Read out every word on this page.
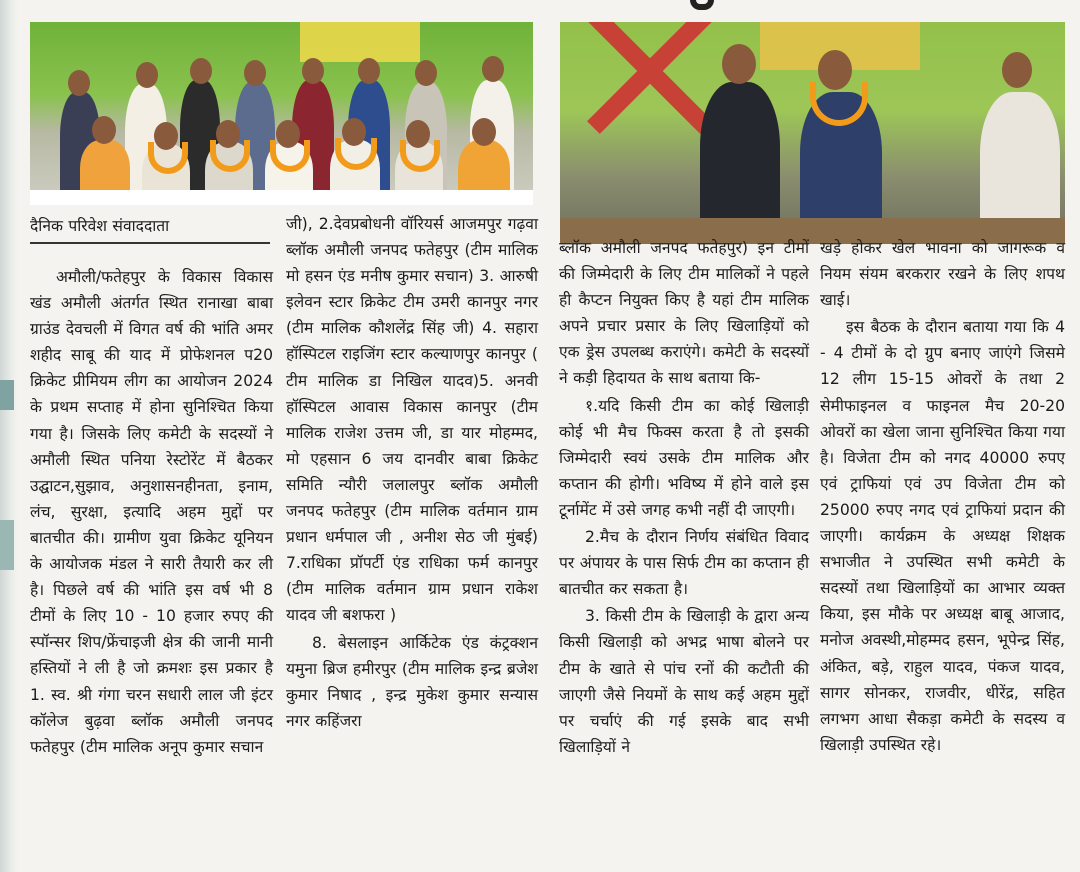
दैनिक परिवेश संवाददाता

अमौली/फतेहपुर के विकास विकास खंड अमौली अंतर्गत स्थित रानाखा बाबा ग्राउंड देवचली में विगत वर्ष की भांति अमर शहीद साबू की याद में प्रोफेशनल प20 क्रिकेट प्रीमियम लीग का आयोजन 2024 के प्रथम सप्ताह में होना सुनिश्चित किया गया है। जिसके लिए कमेटी के सदस्यों ने अमौली स्थित पनिया रेस्टोरेंट में बैठकर उद्घाटन,सुझाव, अनुशासनहीनता, इनाम, लंच, सुरक्षा, इत्यादि अहम मुद्दों पर बातचीत की। ग्रामीण युवा क्रिकेट यूनियन के आयोजक मंडल ने सारी तैयारी कर ली है। पिछले वर्ष की भांति इस वर्ष भी 8 टीमों के लिए 10 - 10 हजार रुपए की स्पॉन्सर शिप/फ्रेंचाइजी क्षेत्र की जानी मानी हस्तियों ने ली है जो क्रमशः इस प्रकार है 1. स्व. श्री गंगा चरन सधारी लाल जी इंटर कॉलेज बुढ़वा ब्लॉक अमौली जनपद फतेहपुर (टीम मालिक अनूप कुमार सचान

जी), 2.देवप्रबोधनी वॉरियर्स आजमपुर गढ़वा ब्लॉक अमौली जनपद फतेहपुर (टीम मालिक मो हसन एंड मनीष कुमार सचान) 3. आरुषी इलेवन स्टार क्रिकेट टीम उमरी कानपुर नगर (टीम मालिक कौशलेंद्र सिंह जी) 4. सहारा हॉस्पिटल राइजिंग स्टार कल्याणपुर कानपुर ( टीम मालिक डा निखिल यादव)5. अनवी हॉस्पिटल आवास विकास कानपुर (टीम मालिक राजेश उत्तम जी, डा यार मोहम्मद, मो एहसान 6 जय दानवीर बाबा क्रिकेट समिति न्यौरी जलालपुर ब्लॉक अमौली जनपद फतेहपुर (टीम मालिक वर्तमान ग्राम प्रधान धर्मपाल जी , अनीश सेठ जी मुंबई) 7.राधिका प्रॉपर्टी एंड राधिका फर्म कानपुर (टीम मालिक वर्तमान ग्राम प्रधान राकेश यादव जी बशफरा )

8. बेसलाइन आर्किटेक एंड कंट्रक्शन यमुना ब्रिज हमीरपुर (टीम मालिक इन्द्र ब्रजेश कुमार निषाद , इन्द्र मुकेश कुमार सन्यास नगर कहिंजरा

ब्लॉक अमौली जनपद फतेहपुर) इन टीमों की जिम्मेदारी के लिए टीम मालिकों ने पहले ही कैप्टन नियुक्त किए है यहां टीम मालिक अपने प्रचार प्रसार के लिए खिलाड़ियों को एक ड्रेस उपलब्ध कराएंगे। कमेटी के सदस्यों ने कड़ी हिदायत के साथ बताया कि-

१.यदि किसी टीम का कोई खिलाड़ी कोई भी मैच फिक्स करता है तो इसकी जिम्मेदारी स्वयं उसके टीम मालिक और कप्तान की होगी। भविष्य में होने वाले इस टूर्नामेंट में उसे जगह कभी नहीं दी जाएगी।

2.मैच के दौरान निर्णय संबंधित विवाद पर अंपायर के पास सिर्फ टीम का कप्तान ही बातचीत कर सकता है।

3. किसी टीम के खिलाड़ी के द्वारा अन्य किसी खिलाड़ी को अभद्र भाषा बोलने पर टीम के खाते से पांच रनों की कटौती की जाएगी जैसे नियमों के साथ कई अहम मुद्दों पर चर्चाएं की गई इसके बाद सभी खिलाड़ियों ने

खड़े होकर खेल भावना को जागरूक व नियम संयम बरकरार रखने के लिए शपथ खाई।

इस बैठक के दौरान बताया गया कि 4 - 4 टीमों के दो ग्रुप बनाए जाएंगे जिसमे 12 लीग 15-15 ओवरों के तथा 2 सेमीफाइनल व फाइनल मैच 20-20 ओवरों का खेला जाना सुनिश्चित किया गया है। विजेता टीम को नगद 40000 रुपए एवं ट्राफियां एवं उप विजेता टीम को 25000 रुपए नगद एवं ट्राफियां प्रदान की जाएगी। कार्यक्रम के अध्यक्ष शिक्षक सभाजीत ने उपस्थित सभी कमेटी के सदस्यों तथा खिलाड़ियों का आभार व्यक्त किया, इस मौके पर अध्यक्ष बाबू आजाद, मनोज अवस्थी,मोहम्मद हसन, भूपेन्द्र सिंह, अंकित, बड़े, राहुल यादव, पंकज यादव, सागर सोनकर, राजवीर, धीरेंद्र, सहित लगभग आधा सैकड़ा कमेटी के सदस्य व खिलाड़ी उपस्थित रहे।
